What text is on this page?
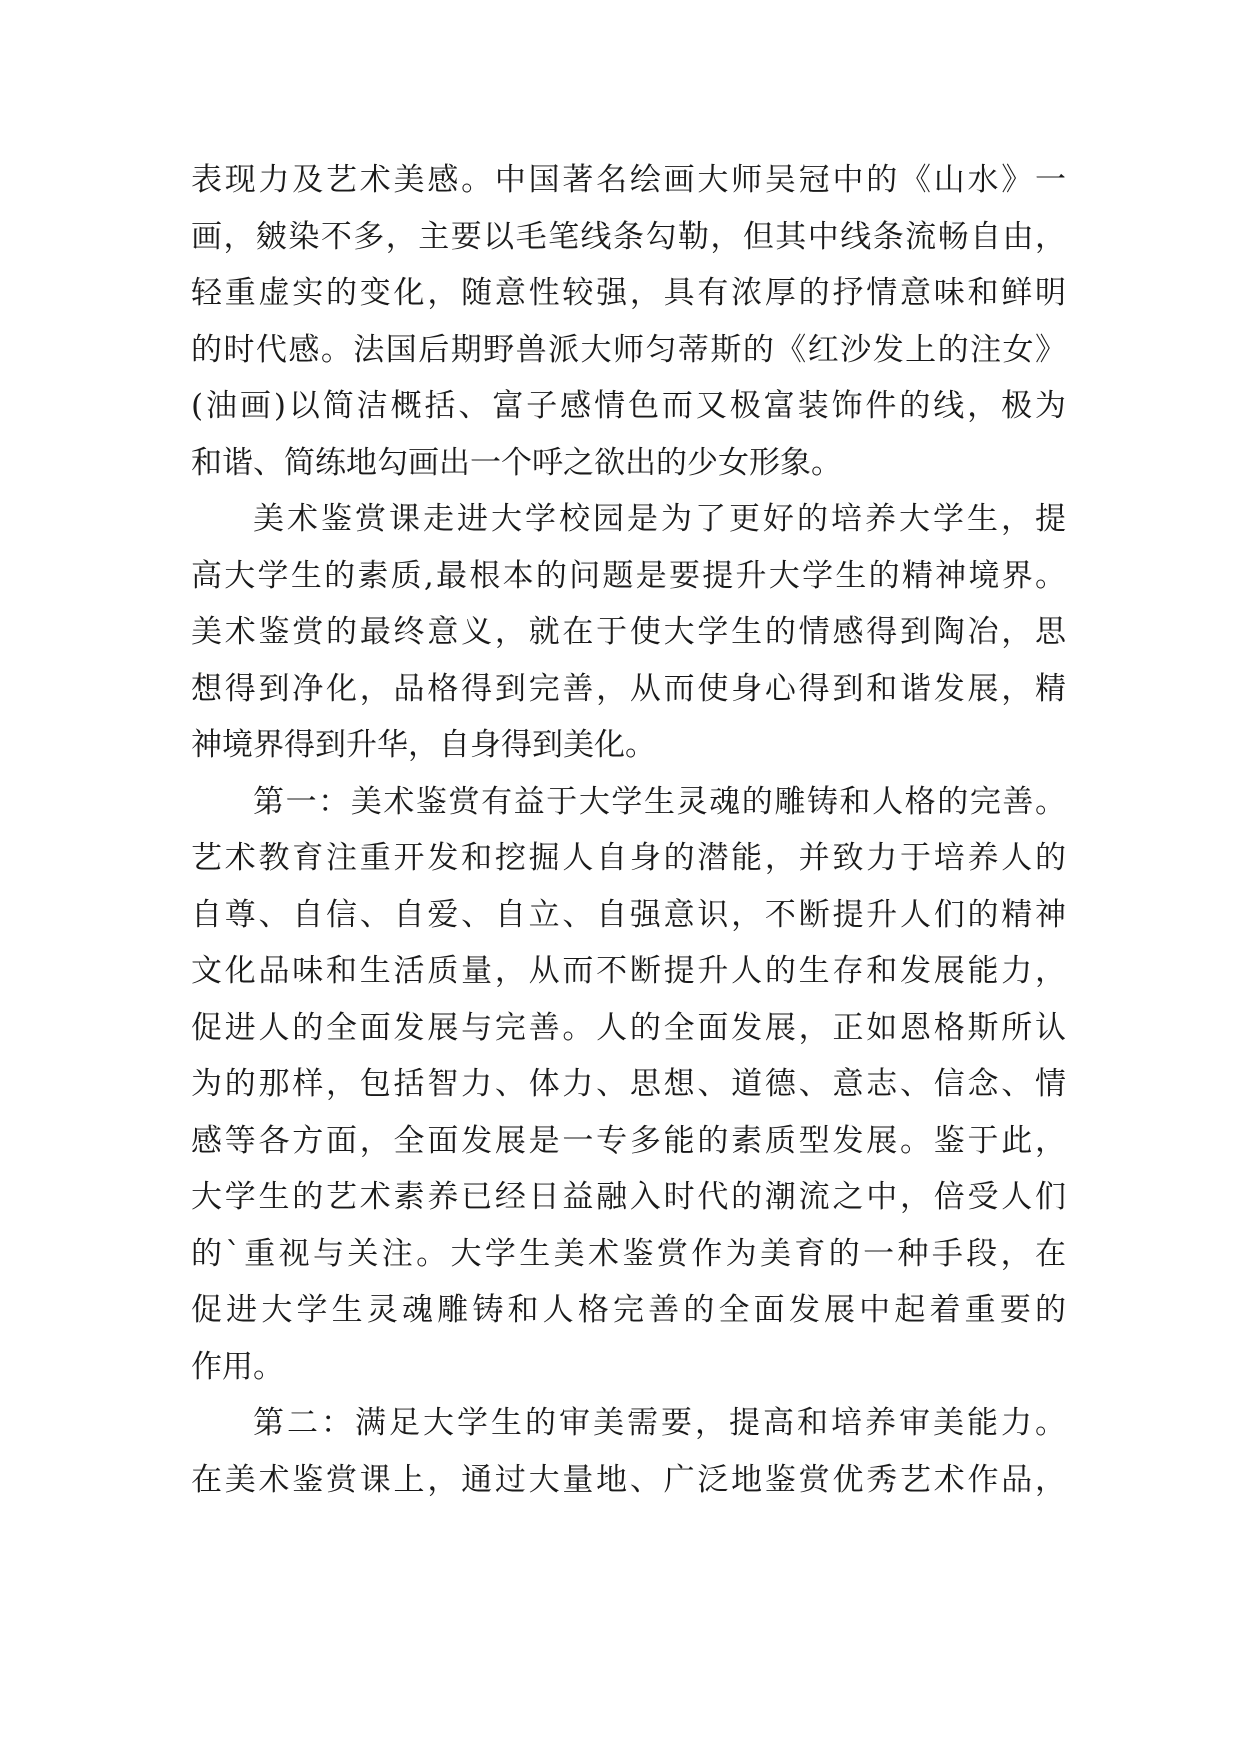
表现力及艺术美感。中国著名绘画大师吴冠中的《山水》一
画，皴染不多，主要以毛笔线条勾勒，但其中线条流畅自由，
轻重虚实的变化，随意性较强，具有浓厚的抒情意味和鲜明
的时代感。法国后期野兽派大师匀蒂斯的《红沙发上的注女》
(油画)以简洁概括、富子感情色而又极富装饰件的线，极为
和谐、简练地勾画出一个呼之欲出的少女形象。
美术鉴赏课走进大学校园是为了更好的培养大学生，提
高大学生的素质,最根本的问题是要提升大学生的精神境界。
美术鉴赏的最终意义，就在于使大学生的情感得到陶冶，思
想得到净化，品格得到完善，从而使身心得到和谐发展，精
神境界得到升华，自身得到美化。
第一：美术鉴赏有益于大学生灵魂的雕铸和人格的完善。
艺术教育注重开发和挖掘人自身的潜能，并致力于培养人的
自尊、自信、自爱、自立、自强意识，不断提升人们的精神
文化品味和生活质量，从而不断提升人的生存和发展能力，
促进人的全面发展与完善。人的全面发展，正如恩格斯所认
为的那样，包括智力、体力、思想、道德、意志、信念、情
感等各方面，全面发展是一专多能的素质型发展。鉴于此，
大学生的艺术素养已经日益融入时代的潮流之中，倍受人们
的`重视与关注。大学生美术鉴赏作为美育的一种手段，在
促进大学生灵魂雕铸和人格完善的全面发展中起着重要的
作用。
第二：满足大学生的审美需要，提高和培养审美能力。
在美术鉴赏课上，通过大量地、广泛地鉴赏优秀艺术作品，
